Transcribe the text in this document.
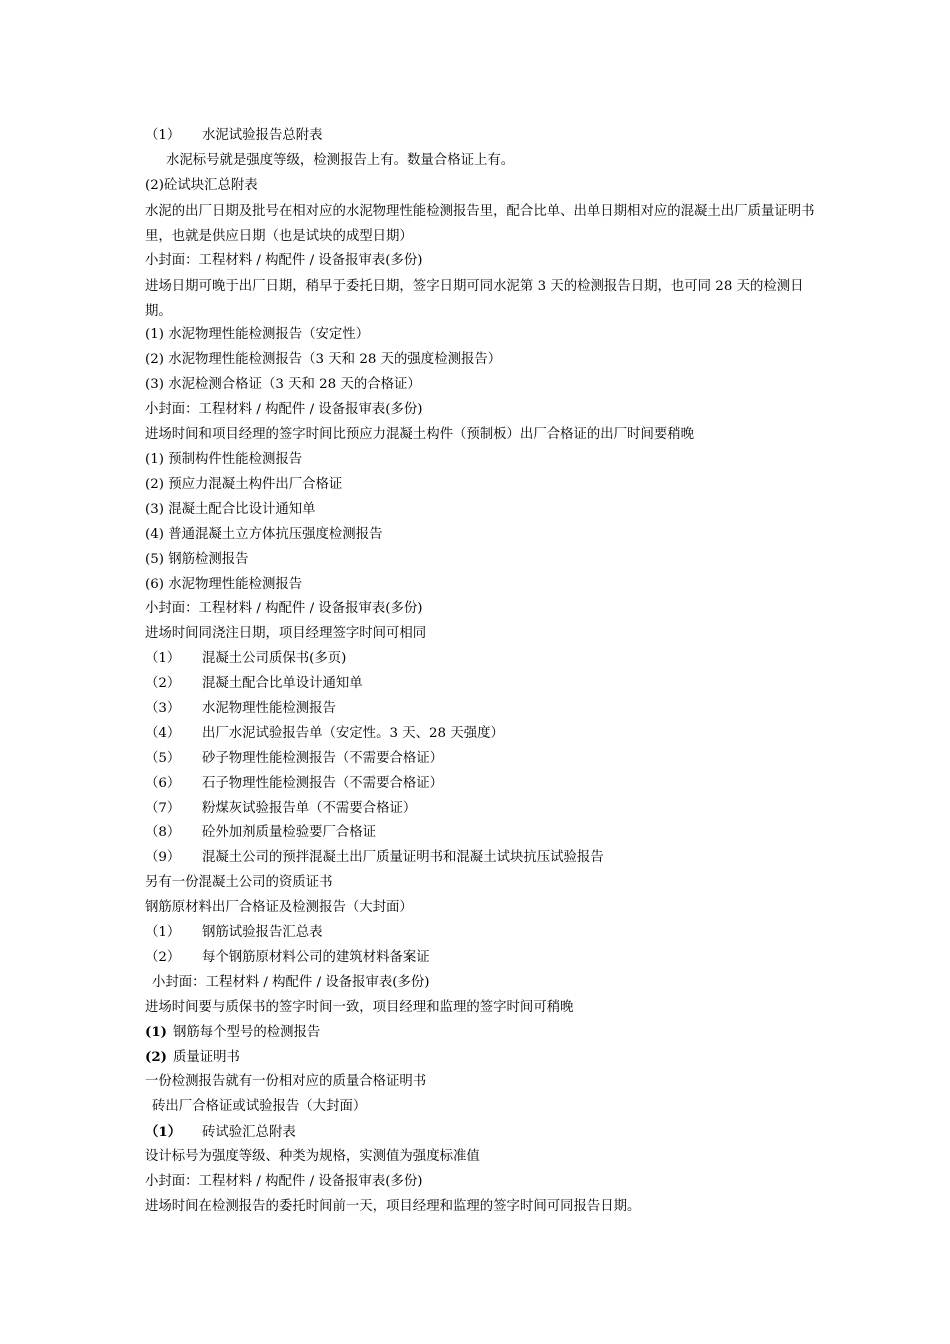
（1） 水泥试验报告总附表
水泥标号就是强度等级，检测报告上有。数量合格证上有。
(2)砼试块汇总附表
水泥的出厂日期及批号在相对应的水泥物理性能检测报告里，配合比单、出单日期相对应的混凝土出厂质量证明书里，也就是供应日期（也是试块的成型日期）
小封面：工程材料 / 构配件 / 设备报审表(多份)
进场日期可晚于出厂日期，稍早于委托日期，签字日期可同水泥第 3 天的检测报告日期，也可同 28 天的检测日期。
(1) 水泥物理性能检测报告（安定性）
(2) 水泥物理性能检测报告（3 天和 28 天的强度检测报告）
(3) 水泥检测合格证（3 天和 28 天的合格证）
小封面：工程材料 / 构配件 / 设备报审表(多份)
进场时间和项目经理的签字时间比预应力混凝土构件（预制板）出厂合格证的出厂时间要稍晚
(1) 预制构件性能检测报告
(2) 预应力混凝土构件出厂合格证
(3) 混凝土配合比设计通知单
(4) 普通混凝土立方体抗压强度检测报告
(5) 钢筋检测报告
(6) 水泥物理性能检测报告
小封面：工程材料 / 构配件 / 设备报审表(多份)
进场时间同浇注日期，项目经理签字时间可相同
（1） 混凝土公司质保书(多页)
（2） 混凝土配合比单设计通知单
（3） 水泥物理性能检测报告
（4） 出厂水泥试验报告单（安定性。3 天、28 天强度）
（5） 砂子物理性能检测报告（不需要合格证）
（6） 石子物理性能检测报告（不需要合格证）
（7） 粉煤灰试验报告单（不需要合格证）
（8） 砼外加剂质量检验要厂合格证
（9） 混凝土公司的预拌混凝土出厂质量证明书和混凝土试块抗压试验报告
另有一份混凝土公司的资质证书
钢筋原材料出厂合格证及检测报告（大封面）
（1） 钢筋试验报告汇总表
（2） 每个钢筋原材料公司的建筑材料备案证
小封面：工程材料 / 构配件 / 设备报审表(多份)
进场时间要与质保书的签字时间一致，项目经理和监理的签字时间可稍晚
(1) 钢筋每个型号的检测报告
(2) 质量证明书
一份检测报告就有一份相对应的质量合格证明书
砖出厂合格证或试验报告（大封面）
（1） 砖试验汇总附表
设计标号为强度等级、种类为规格，实测值为强度标准值
小封面：工程材料 / 构配件 / 设备报审表(多份)
进场时间在检测报告的委托时间前一天，项目经理和监理的签字时间可同报告日期。
